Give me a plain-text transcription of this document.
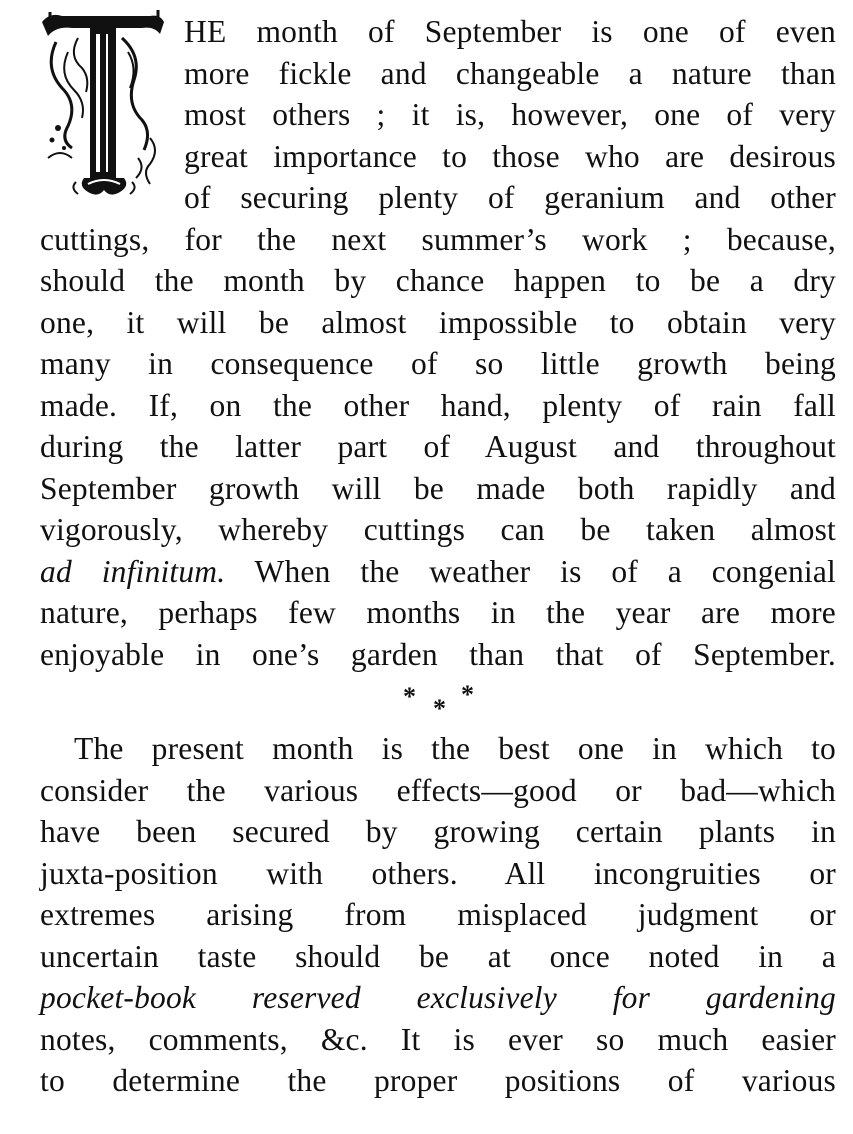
HE month of September is one of even
more fickle and changeable a nature than
most others ; it is, however, one of very
great importance to those who are desirous
of securing plenty of geranium and other
cuttings, for the next summer’s work ; because,
should the month by chance happen to be a dry
one, it will be almost impossible to obtain very
many in consequence of so little growth being
made. If, on the other hand, plenty of rain fall
during the latter part of August and throughout
September growth will be made both rapidly and
vigorously, whereby cuttings can be taken almost
ad infinitum. When the weather is of a congenial
nature, perhaps few months in the year are more
enjoyable in one’s garden than that of September.
* * *
The present month is the best one in which to
consider the various effects—good or bad—which
have been secured by growing certain plants in
juxta-position with others. All incongruities or
extremes arising from misplaced judgment or
uncertain taste should be at once noted in a
pocket-book reserved exclusively for gardening
notes, comments, &c. It is ever so much easier
to determine the proper positions of various
